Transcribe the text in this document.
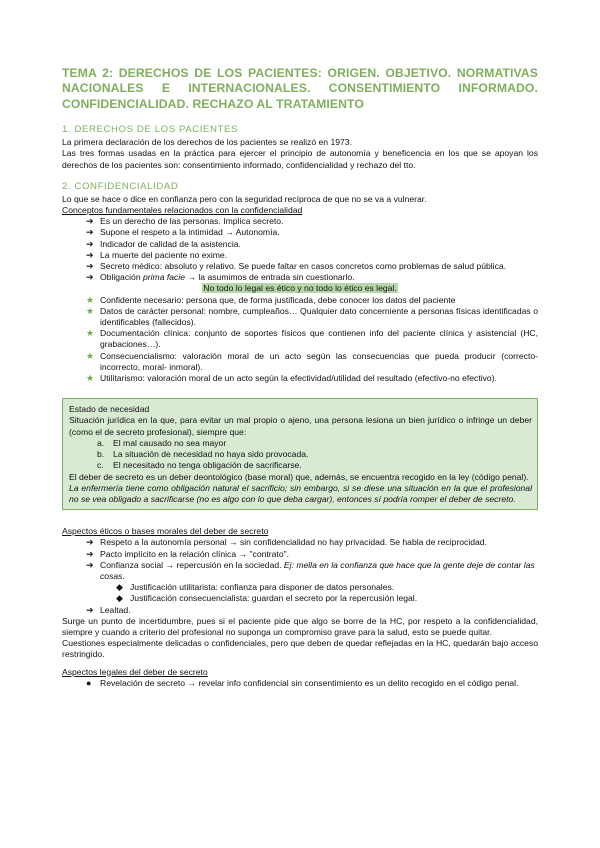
TEMA 2: DERECHOS DE LOS PACIENTES: ORIGEN. OBJETIVO. NORMATIVAS NACIONALES E INTERNACIONALES. CONSENTIMIENTO INFORMADO. CONFIDENCIALIDAD. RECHAZO AL TRATAMIENTO
1. DERECHOS DE LOS PACIENTES

La primera declaración de los derechos de los pacientes se realizó en 1973.

Las tres formas usadas en la práctica para ejercer el principio de autonomía y beneficencia en los que se apoyan los derechos de los pacientes son: consentimiento informado, confidencialidad y rechazo del tto.

2. CONFIDENCIALIDAD

Lo que se hace o dice en confianza pero con la seguridad recíproca de que no se va a vulnerar.

Conceptos fundamentales relacionados con la confidencialidad

➔ Es un derecho de las personas. Implica secreto.
➔ Supone el respeto a la intimidad → Autonomía.
➔ Indicador de calidad de la asistencia.
➔ La muerte del paciente no exime.
➔ Secreto médico: absoluto y relativo. Se puede faltar en casos concretos como problemas de salud pública.
➔ Obligación prima facie → la asumimos de entrada sin cuestionarlo.
No todo lo legal es ético y no todo lo ético es legal.
★ Confidente necesario: persona que, de forma justificada, debe conocer los datos del paciente
★ Datos de carácter personal: nombre, cumpleaños… Qualquier dato concerniente a personas físicas identificadas o identificables (fallecidos).
★ Documentación clínica: conjunto de soportes físicos que contienen info del paciente clínica y asistencial (HC, grabaciones…).
★ Consecuencialismo: valoración moral de un acto según las consecuencias que pueda producir (correcto-incorrecto, moral- inmoral).
★ Utilitarismo: valoración moral de un acto según la efectividad/utilidad del resultado (efectivo-no efectivo).

Estado de necesidad

Situación jurídica en la que, para evitar un mal propio o ajeno, una persona lesiona un bien jurídico o infringe un deber (como el de secreto profesional), siempre que:

a. El mal causado no sea mayor
b. La situación de necesidad no haya sido provocada.
c. El necesitado no tenga obligación de sacrificarse.

El deber de secreto es un deber deontológico (base moral) que, además, se encuentra recogido en la ley (código penal).

La enfermería tiene como obligación natural el sacrificio; sin embargo, si se diese una situación en la que el profesional no se vea obligado a sacrificarse (no es algo con lo que deba cargar), entonces sí podría romper el deber de secreto.

Aspectos éticos o bases morales del deber de secreto

➔ Respeto a la autonomía personal → sin confidencialidad no hay privacidad. Se habla de reciprocidad.
➔ Pacto implícito en la relación clínica → "contrato".
➔ Confianza social → repercusión en la sociedad. Ej: mella en la confianza que hace que la gente deje de contar las cosas.
◆ Justificación utilitarista: confianza para disponer de datos personales.
◆ Justificación consecuencialista: guardan el secreto por la repercusión legal.
➔ Lealtad.

Surge un punto de incertidumbre, pues si el paciente pide que algo se borre de la HC, por respeto a la confidencialidad, siempre y cuando a criterio del profesional no suponga un compromiso grave para la salud, esto se puede quitar.

Cuestiones especialmente delicadas o confidenciales, pero que deben de quedar reflejadas en la HC, quedarán bajo acceso restringido.

Aspectos legales del deber de secreto

● Revelación de secreto → revelar info confidencial sin consentimiento es un delito recogido en el código penal.
